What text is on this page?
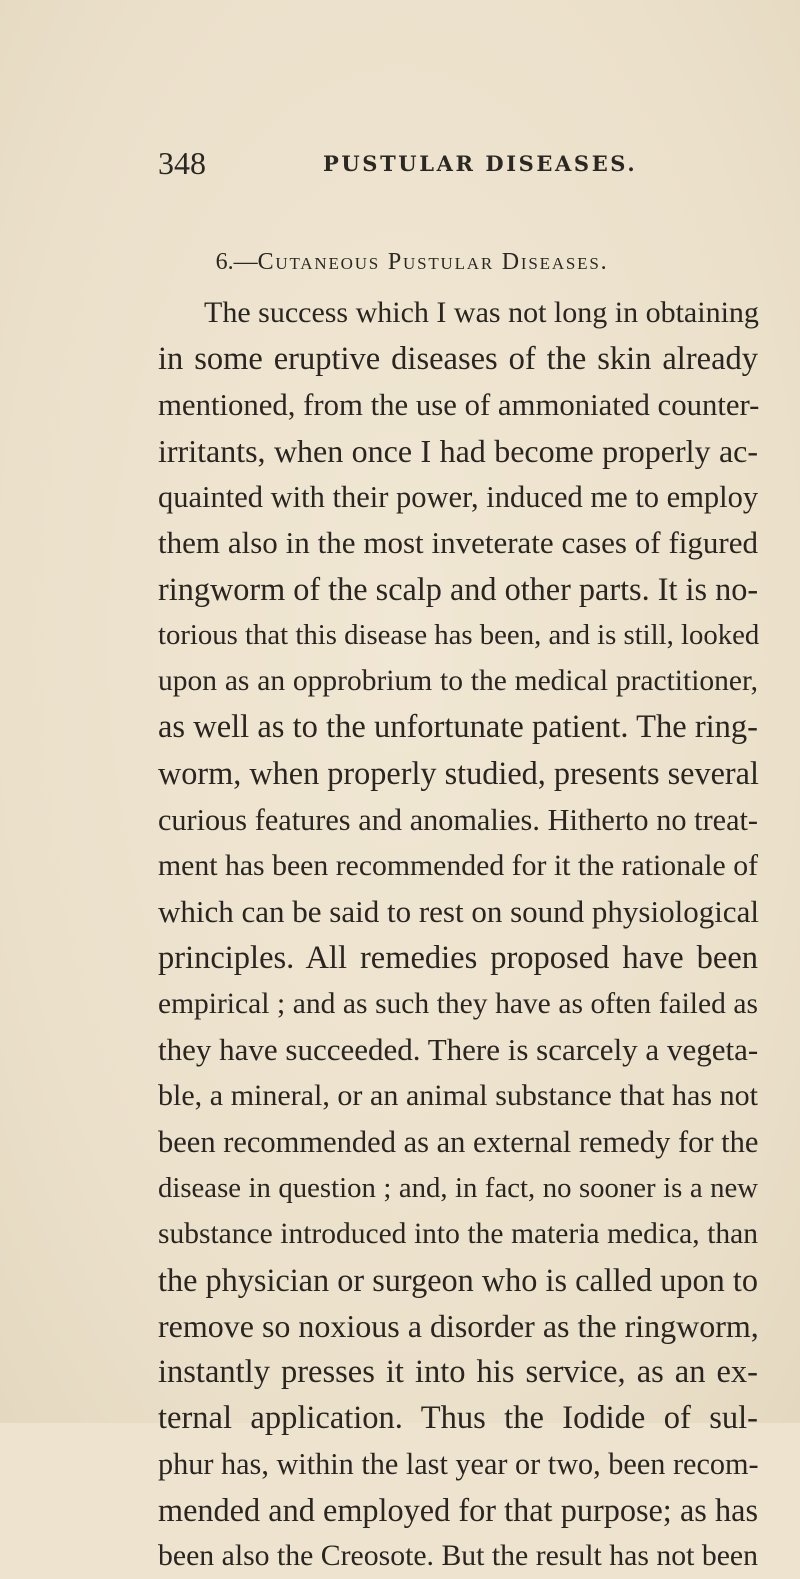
348	PUSTULAR DISEASES.
6.—Cutaneous Pustular Diseases.
The success which I was not long in obtaining
in some eruptive diseases of the skin already
mentioned, from the use of ammoniated counter-
irritants, when once I had become properly ac-
quainted with their power, induced me to employ
them also in the most inveterate cases of figured
ringworm of the scalp and other parts. It is no-
torious that this disease has been, and is still, looked
upon as an opprobrium to the medical practitioner,
as well as to the unfortunate patient. The ring-
worm, when properly studied, presents several
curious features and anomalies. Hitherto no treat-
ment has been recommended for it the rationale of
which can be said to rest on sound physiological
principles. All remedies proposed have been
empirical ; and as such they have as often failed as
they have succeeded. There is scarcely a vegeta-
ble, a mineral, or an animal substance that has not
been recommended as an external remedy for the
disease in question ; and, in fact, no sooner is a new
substance introduced into the materia medica, than
the physician or surgeon who is called upon to
remove so noxious a disorder as the ringworm,
instantly presses it into his service, as an ex-
ternal application. Thus the Iodide of sul-
phur has, within the last year or two, been recom-
mended and employed for that purpose; as has
been also the Creosote. But the result has not been
